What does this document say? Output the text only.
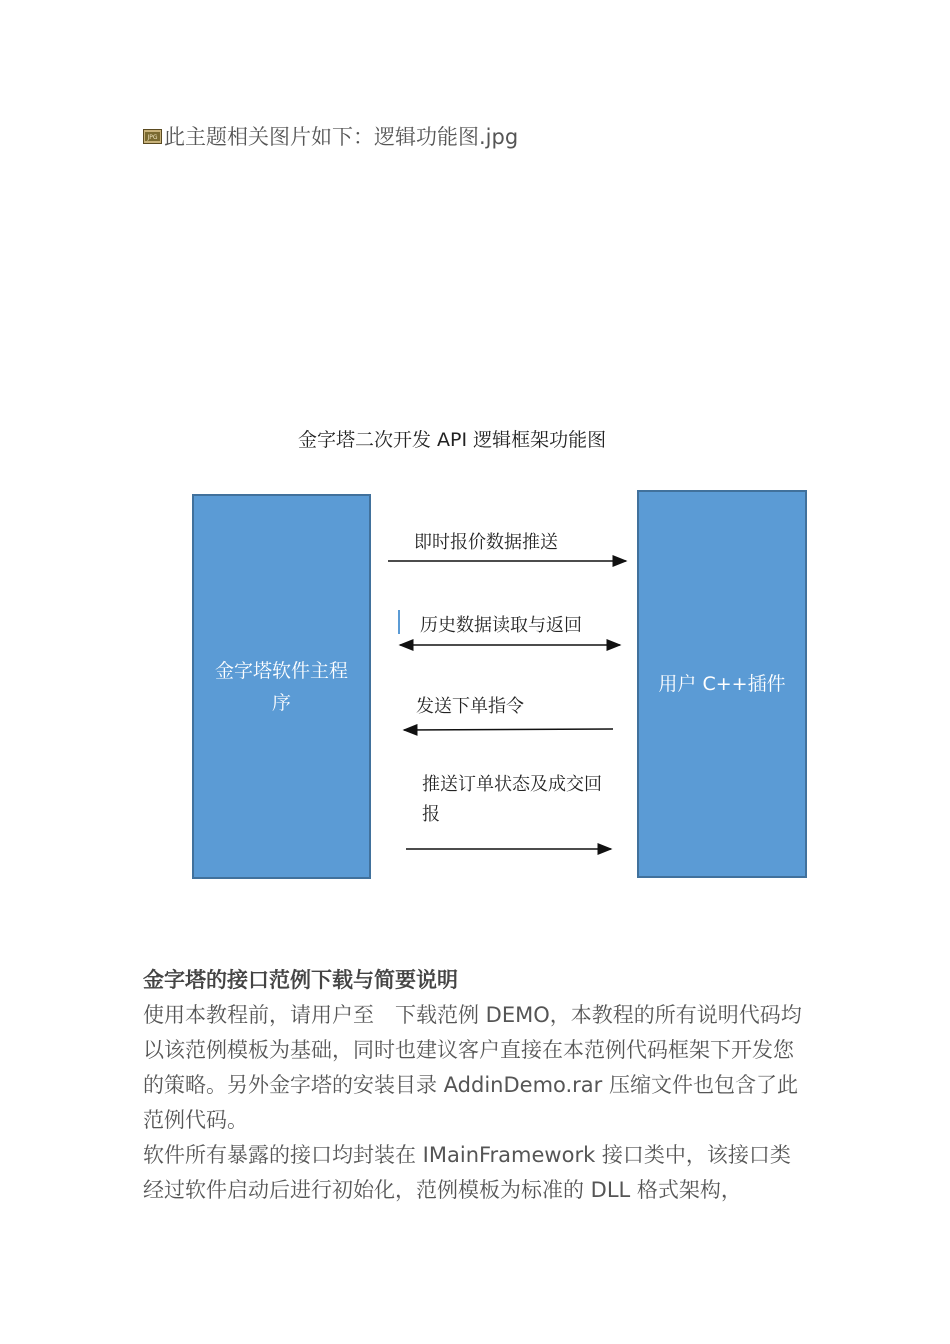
JPG 此主题相关图片如下：逻辑功能图.jpg
金字塔二次开发 API 逻辑框架功能图
金字塔软件主程序
用户 C++插件
即时报价数据推送
历史数据读取与返回
发送下单指令
推送订单状态及成交回报
金字塔的接口范例下载与简要说明

使用本教程前，请用户至　下载范例 DEMO，本教程的所有说明代码均以该范例模板为基础，同时也建议客户直接在本范例代码框架下开发您的策略。另外金字塔的安装目录 AddinDemo.rar 压缩文件也包含了此范例代码。

软件所有暴露的接口均封装在 IMainFramework 接口类中，该接口类经过软件启动后进行初始化，范例模板为标准的 DLL 格式架构，
